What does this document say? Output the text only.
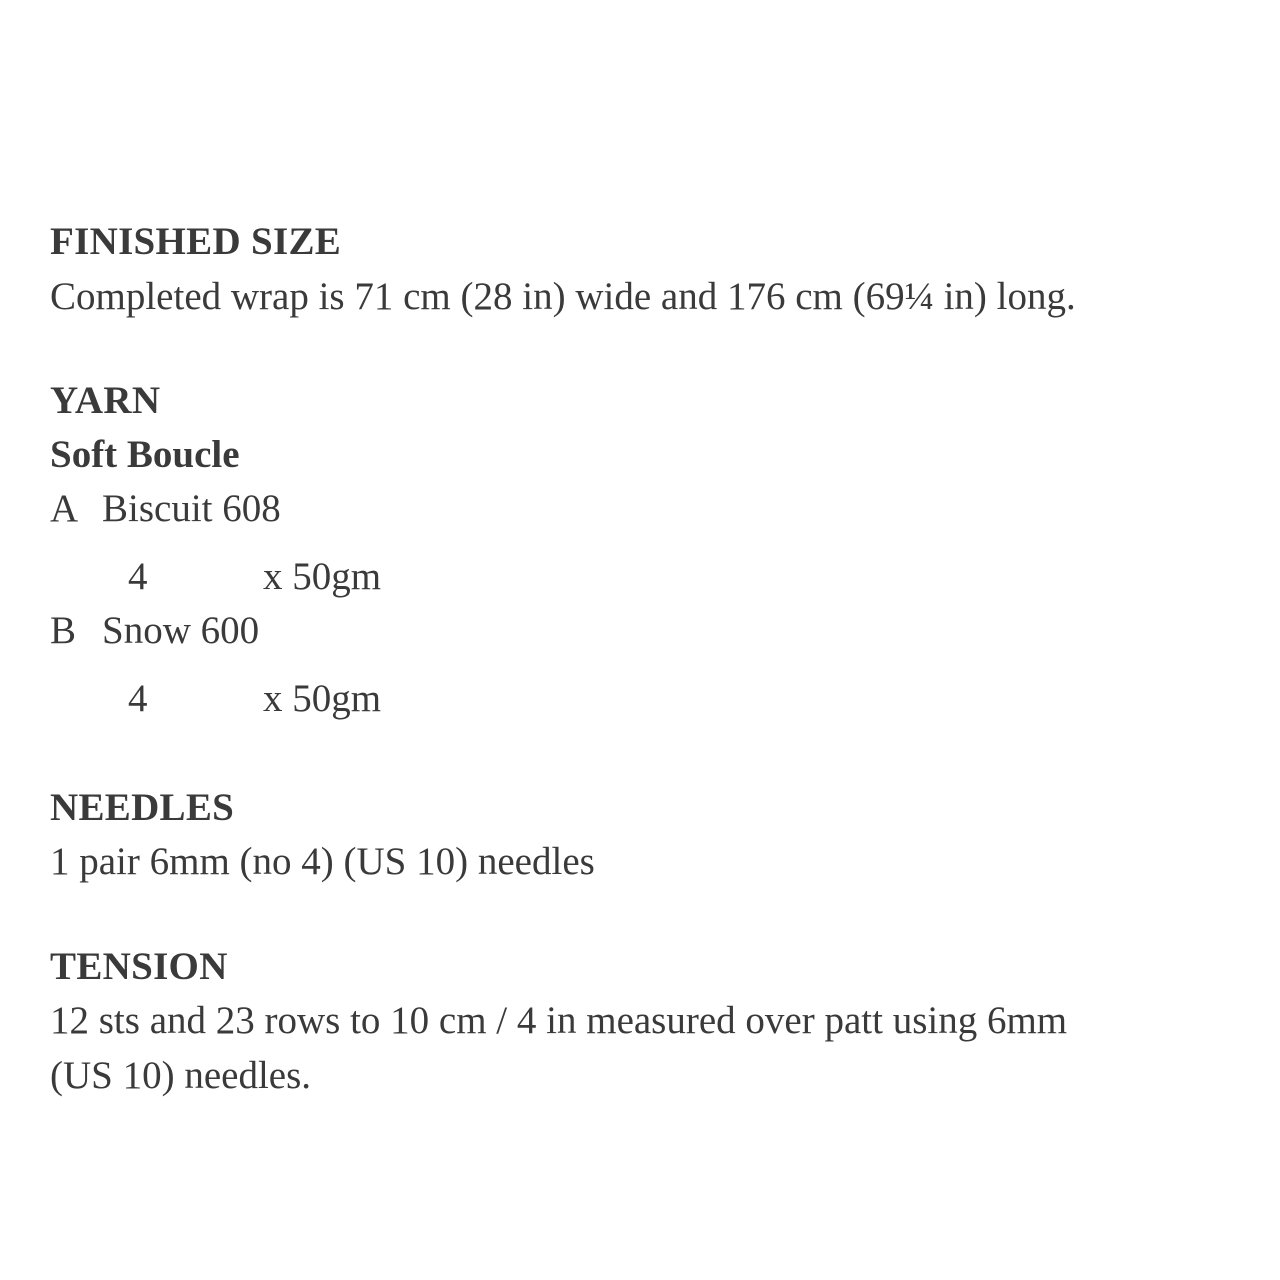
FINISHED SIZE
Completed wrap is 71 cm (28 in) wide and 176 cm (69¼ in) long.
YARN
Soft Boucle
A Biscuit 608
4	x 50gm
B Snow 600
4	x 50gm
NEEDLES
1 pair 6mm (no 4) (US 10) needles
TENSION
12 sts and 23 rows to 10 cm / 4 in measured over patt using 6mm
(US 10) needles.
